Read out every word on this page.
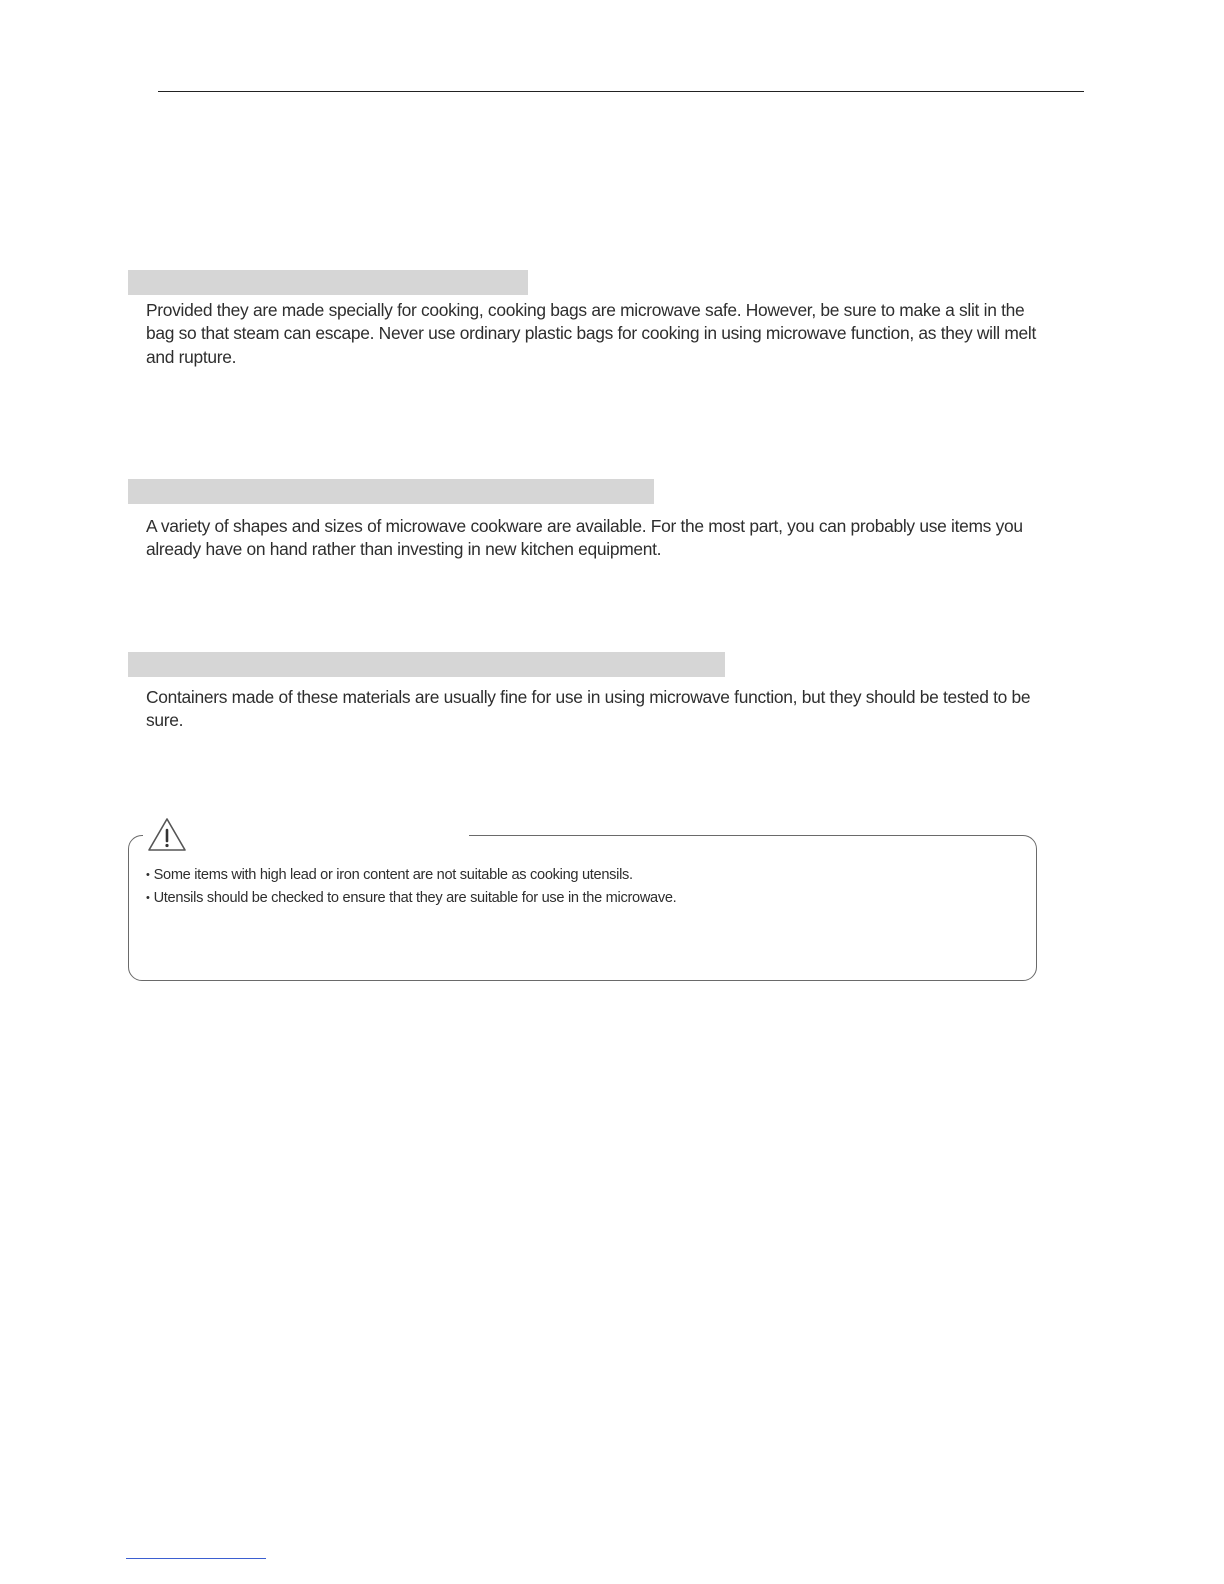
Provided they are made specially for cooking, cooking bags are microwave safe. However, be sure to make a slit in the bag so that steam can escape. Never use ordinary plastic bags for cooking in using microwave function, as they will melt and rupture.

A variety of shapes and sizes of microwave cookware are available. For the most part, you can probably use items you already have on hand rather than investing in new kitchen equipment.

Containers made of these materials are usually fine for use in using microwave function, but they should be tested to be sure.

• Some items with high lead or iron content are not suitable as cooking utensils.
• Utensils should be checked to ensure that they are suitable for use in the microwave.
